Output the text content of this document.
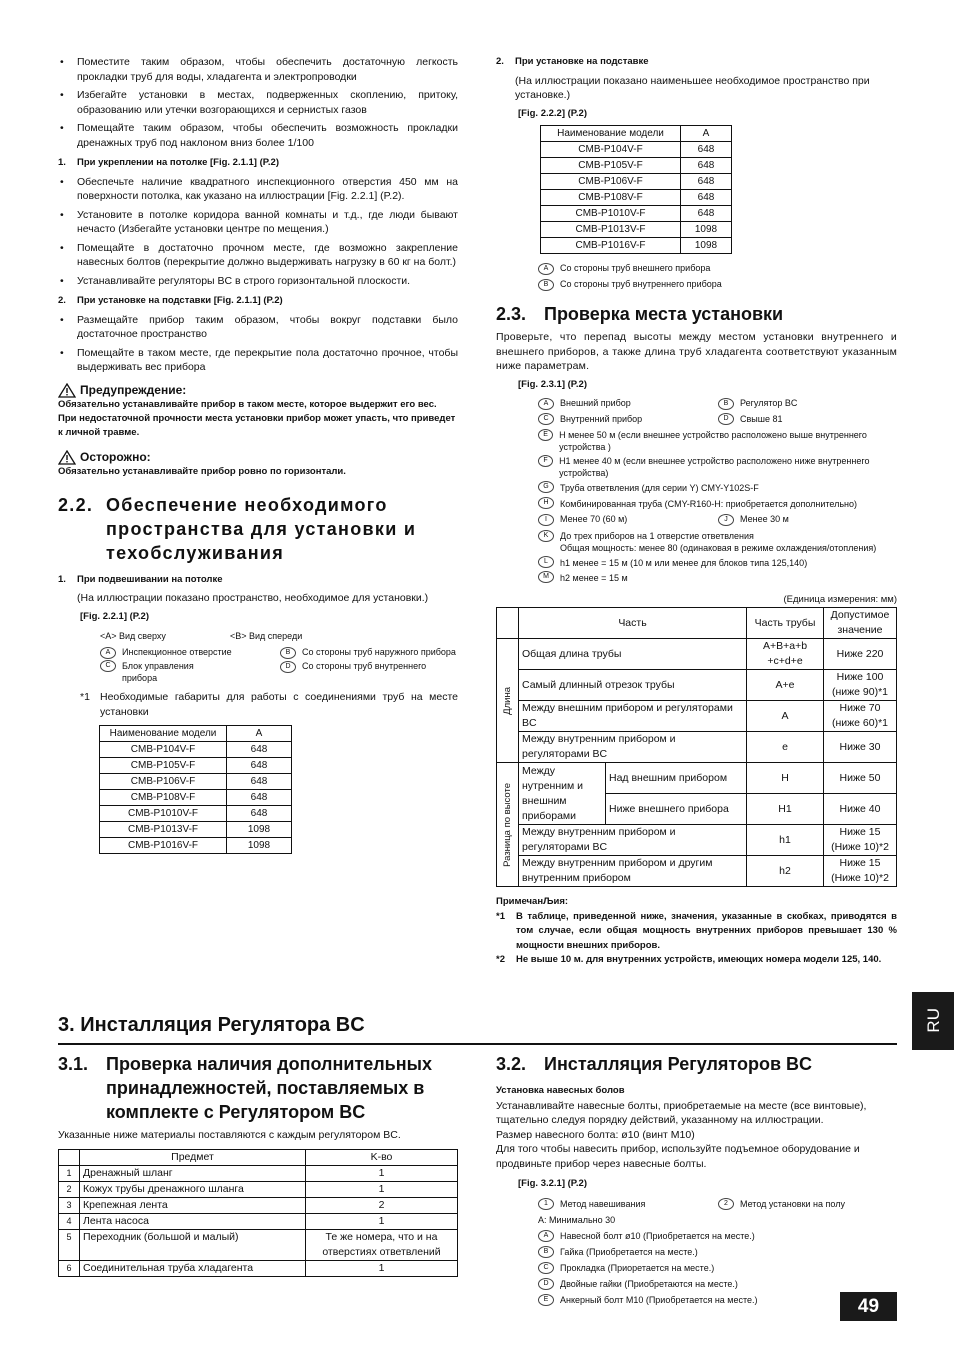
• Поместите таким образом, чтобы обеспечить достаточную легкость прокладки труб для воды, хладагента и электропроводки
• Избегайте установки в местах, подверженных скоплению, притоку, образованию или утечки возгорающихся и сернистых газов
• Помещайте таким образом, чтобы обеспечить возможность прокладки дренажных труб под наклоном вниз более 1/100
1. При укреплении на потолке [Fig. 2.1.1] (P.2)
• Обеспечьте наличие квадратного инспекционного отверстия 450 мм на поверхности потолка, как указано на иллюстрации [Fig. 2.2.1] (P.2).
• Установите в потолке коридора ванной комнаты и т.д., где люди бывают нечасто (Избегайте установки центре по мещения.)
• Помещайте в достаточно прочном месте, где возможно закрепление навесных болтов (перекрытие должно выдерживать нагрузку в 60 кг на болт.)
• Устанавливайте регуляторы BC в строго горизонтальной плоскости.
2. При установке на подставки [Fig. 2.1.1] (P.2)
• Размещайте прибор таким образом, чтобы вокруг подставки было достаточное пространство
• Помещайте в таком месте, где перекрытие пола достаточно прочное, чтобы выдерживать вес прибора
Предупреждение:
Обязательно устанавливайте прибор в таком месте, которое выдержит его вес.
При недостаточной прочности места установки прибор может упасть, что приведет к личной травме.
Осторожно:
Обязательно устанавливайте прибор ровно по горизонтали.
2.2. Обеспечение необходимого пространства для установки и техобслуживания
1. При подвешивании на потолке
(На иллюстрации показано пространство, необходимое для установки.)
[Fig. 2.2.1] (P.2)
<A> Вид сверху	<B> Вид спереди
A Инспекционное отверстие	B Со стороны труб наружного прибора
C	Блок управления прибора
D Со стороны труб внутреннего
*1 Необходимые габариты для работы с соединениями труб на месте установки
Наименование модели	A
CMB-P104V-F	648
CMB-P105V-F	648
CMB-P106V-F	648
CMB-P108V-F	648
CMB-P1010V-F	648
CMB-P1013V-F	1098
CMB-P1016V-F	1098
2. При установке на подставке
(На иллюстрации показано наименьшее необходимое пространство при установке.)
[Fig. 2.2.2] (P.2)
Наименование модели	A
CMB-P104V-F	648
CMB-P105V-F	648
CMB-P106V-F	648
CMB-P108V-F	648
CMB-P1010V-F	648
CMB-P1013V-F	1098
CMB-P1016V-F	1098
A Со стороны труб внешнего прибора
B Со стороны труб внутреннего прибора
2.3. Проверка места установки
Проверьте, что перепад высоты между местом установки внутреннего и внешнего приборов, а также длина труб хладагента соответствуют указанным ниже параметрам.
[Fig. 2.3.1] (P.2)
A Внешний прибор	B Регулятор BC
C Внутренний прибор	D Свыше 81
E	H менее 50 м (если внешнее устройство расположено выше внутреннего устройства )
F	H1 менее 40 м (если внешнее устройство расположено ниже внутреннего устройства)
G	Труба ответвления (для серии Y) CMY-Y102S-F
H	Комбинированная труба (CMY-R160-H: приобретается дополнительно)
I Менее 70 (60 м)	J Менее 30 м
K	До трех приборов на 1 отверстие ответвления
Общая мощность: менее 80 (одинаковая в режиме охлаждения/отопления)
L	h1 менее = 15 м (10 м или менее для блоков типа 125,140)
M	h2 менее = 15 м
(Единица измерения: мм)
	Часть		Часть трубы	Допустимое значение

Длина	Общая длина трубы		A+B+a+b +c+d+e	Ниже 220
	Самый длинный отрезок трубы		A+e	Ниже 100 (ниже 90)*1
	Между внешним прибором и регуляторами BC		A	Ниже 70 (ниже 60)*1
	Между внутренним прибором и регуляторами BC		e	Ниже 30

Разница по высоте	Между нутренним и внешним приборами	Над внешним прибором	H	Ниже 50
		Ниже внешнего прибора	H1	Ниже 40
	Между внутренним прибором и регуляторами BC		h1	Ниже 15 (Ниже 10)*2
	Между внутренним прибором и другим внутренним прибором		h2	Ниже 15 (Ниже 10)*2
ПримечанЉия:
*1	В таблице, приведенной ниже, значения, указанные в скобках, приводятся в том случае, если общая мощность внутренних приборов превышает 130 % мощности внешних приборов.
*2	Не выше 10 м. для внутренних устройств, имеющих номера модели 125, 140.
3. Инсталляция Регулятора BC	RU
3.1. Проверка наличия дополнительных принадлежностей, поставляемых в комплекте с Регулятором BC
Указанные ниже материалы поставляются с каждым регулятором BC.
	Предмет	K-во
1	Дренажный шланг	1
2	Кожух трубы дренажного шланга	1
3	Крепежная лента	2
4	Лента насоса	1
5	Переходник (большой и малый)	Те же номера, что и на отверстиях ответвлений
6	Соединительная труба хладагента	1
3.2. Инсталляция Регуляторов BC
Установка навесных болов
Устанавливайте навесные болты, приобретаемые на месте (все винтовые), тщательно следуя порядку действий, указанному на иллюстрации.
Размер навесного болта: ø10 (винт M10)
Для того чтобы навесить прибор, используйте подъемное оборудование и продвиньте прибор через навесные болты.
[Fig. 3.2.1] (P.2)
1 Метод навешивания	2 Метод установки на полу
A: Минимально 30
A Навесной болт ø10 (Приобретается на месте.)
B Гайка (Приобретается на месте.)
C Прокладка (Приоретается на месте.)
D Двойные гайки (Приобретаются на месте.)
E Анкерный болт M10 (Приобретается на месте.)	49
